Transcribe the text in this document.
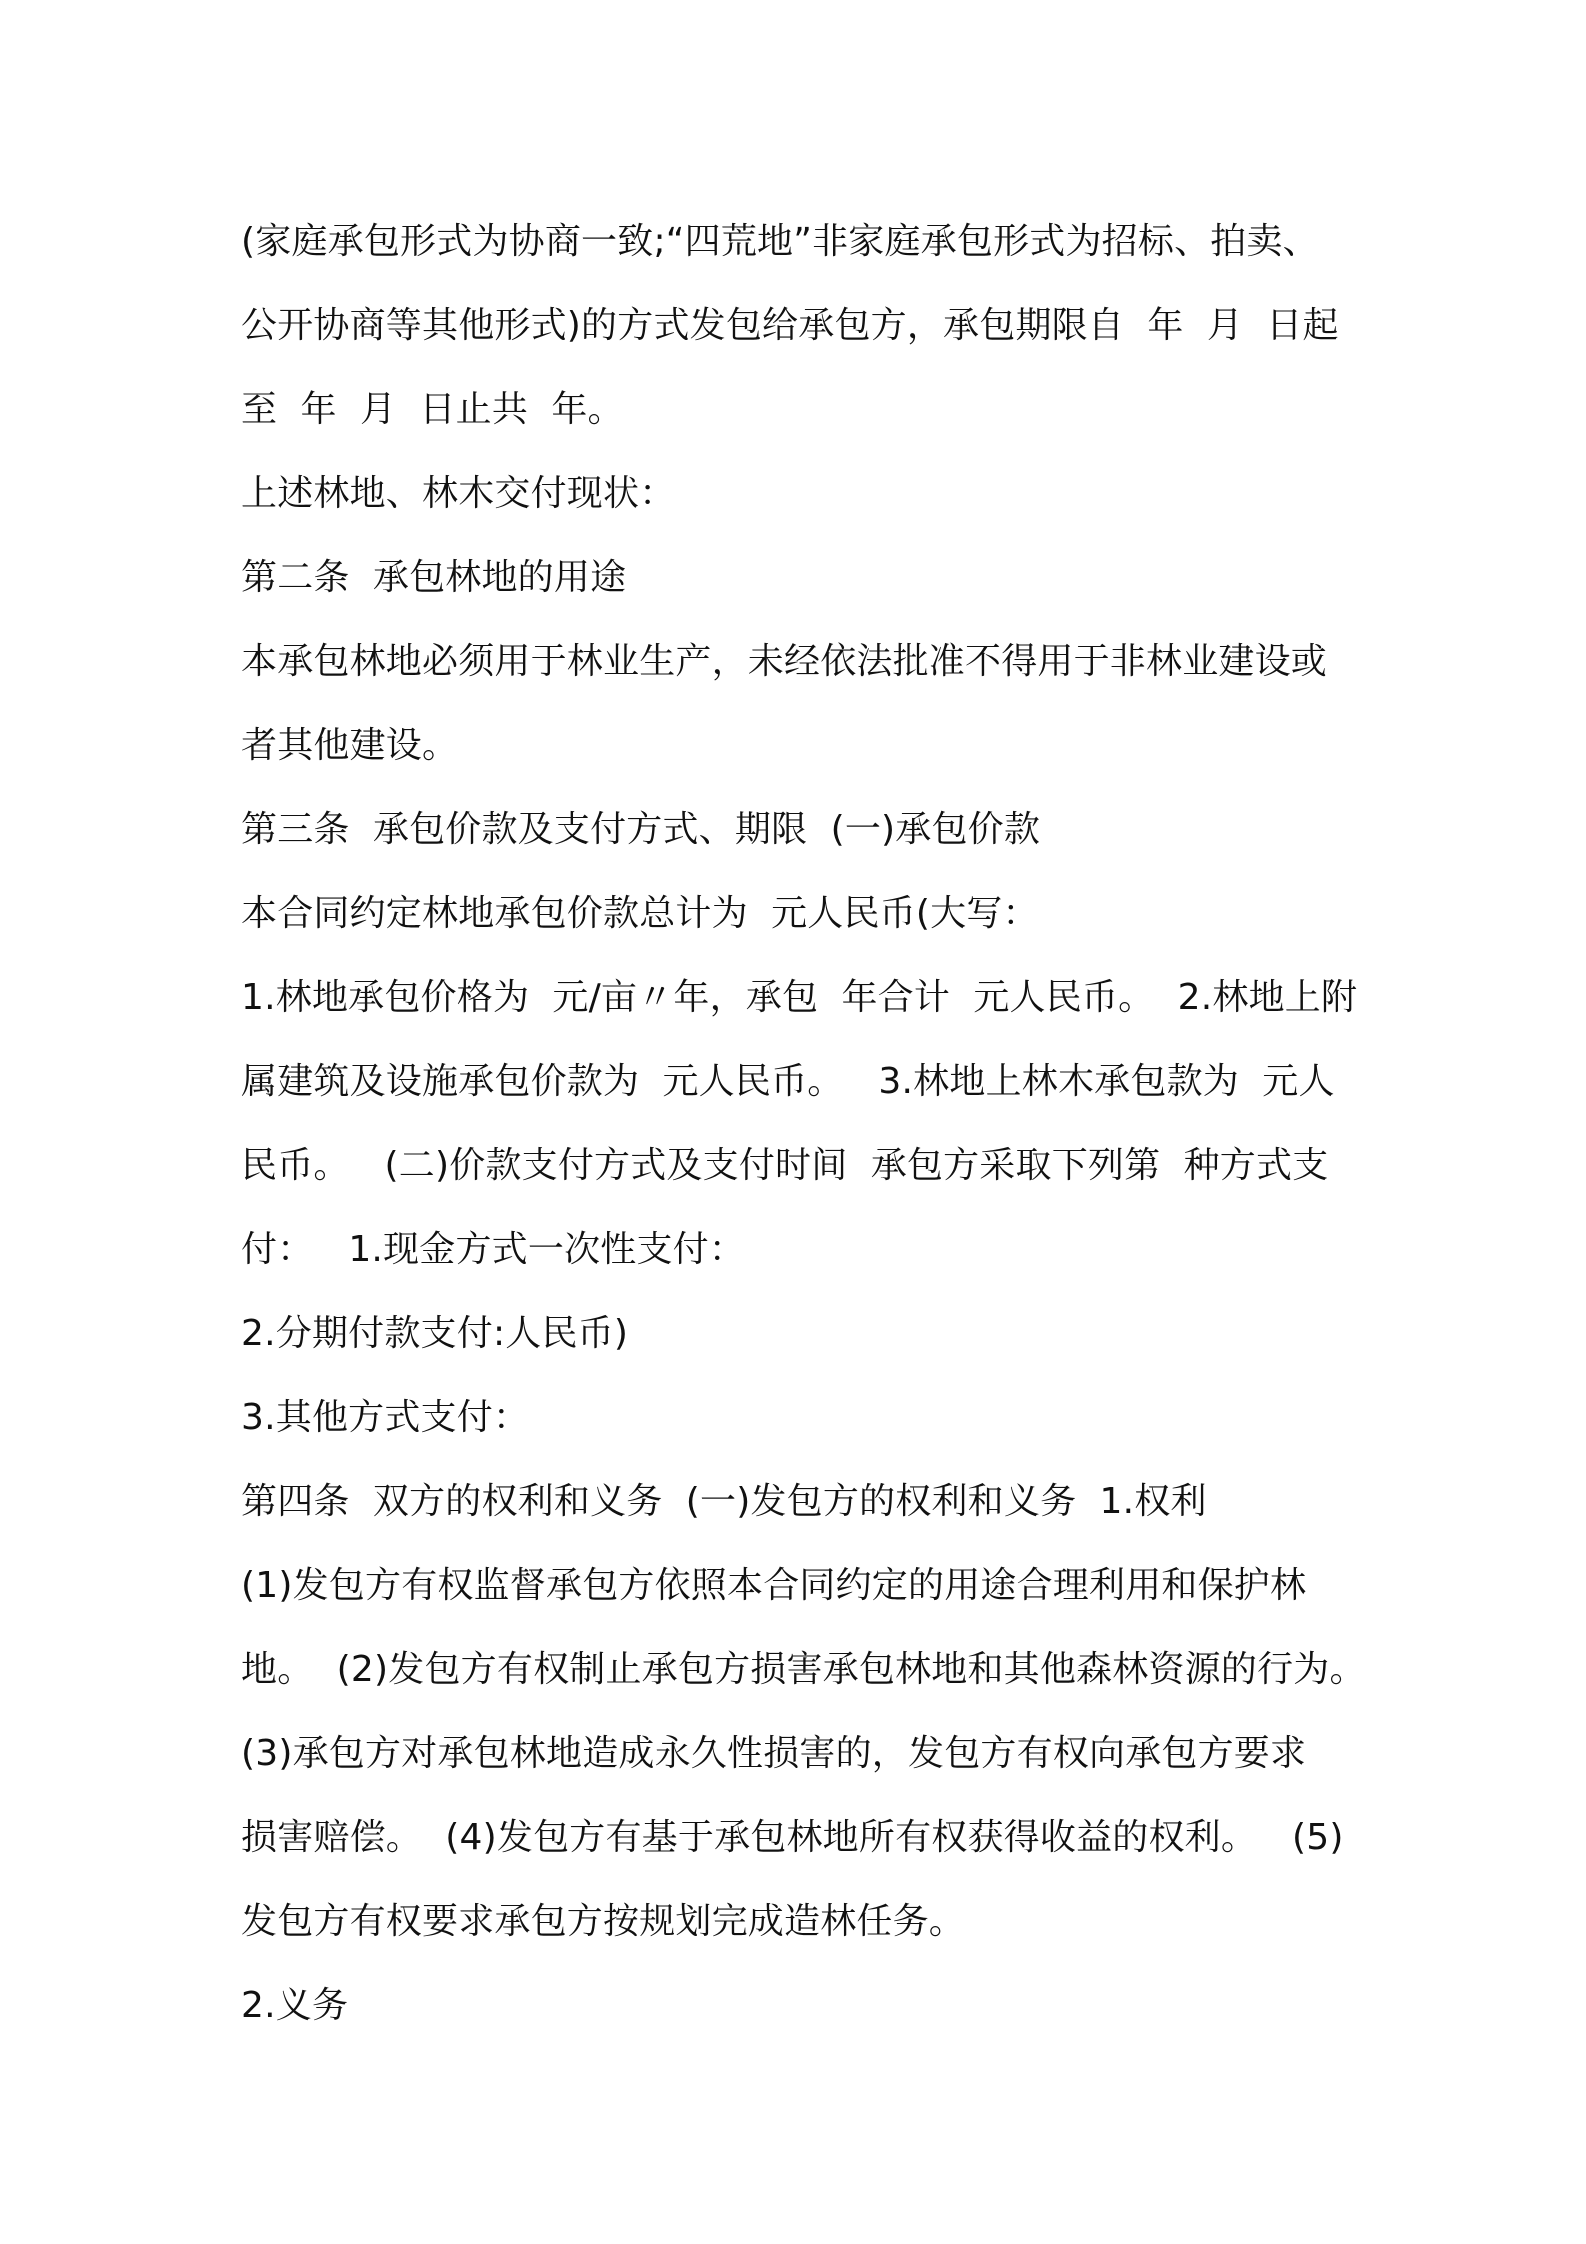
(家庭承包形式为协商一致;“四荒地”非家庭承包形式为招标、拍卖、
公开协商等其他形式)的方式发包给承包方，承包期限自  年  月  日起
至  年  月  日止共  年。
上述林地、林木交付现状：
第二条  承包林地的用途
本承包林地必须用于林业生产，未经依法批准不得用于非林业建设或
者其他建设。
第三条  承包价款及支付方式、期限  (一)承包价款
本合同约定林地承包价款总计为  元人民币(大写：
1.林地承包价格为  元/亩〃年，承包  年合计  元人民币。  2.林地上附
属建筑及设施承包价款为  元人民币。   3.林地上林木承包款为  元人
民币。   (二)价款支付方式及支付时间  承包方采取下列第  种方式支
付：   1.现金方式一次性支付：
2.分期付款支付:人民币)
3.其他方式支付：
第四条  双方的权利和义务  (一)发包方的权利和义务  1.权利
(1)发包方有权监督承包方依照本合同约定的用途合理利用和保护林
地。  (2)发包方有权制止承包方损害承包林地和其他森林资源的行为。
(3)承包方对承包林地造成永久性损害的，发包方有权向承包方要求
损害赔偿。  (4)发包方有基于承包林地所有权获得收益的权利。   (5)
发包方有权要求承包方按规划完成造林任务。
2.义务
